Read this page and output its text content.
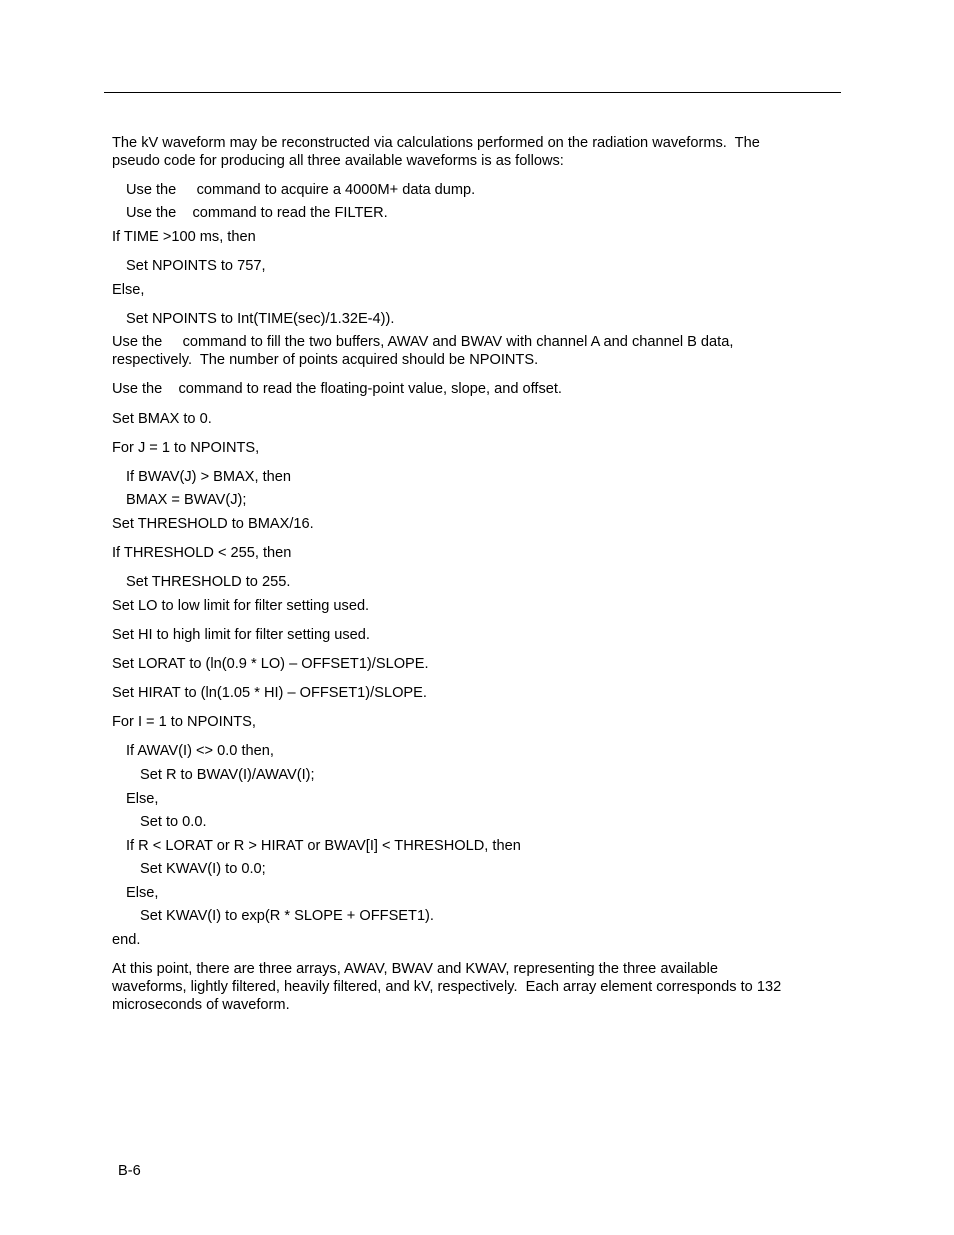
The kV waveform may be reconstructed via calculations performed on the radiation waveforms.  The
pseudo code for producing all three available waveforms is as follows:
Use the     command to acquire a 4000M+ data dump.
Use the    command to read the FILTER.
If TIME >100 ms, then
Set NPOINTS to 757,
Else,
Set NPOINTS to Int(TIME(sec)/1.32E-4)).
Use the     command to fill the two buffers, AWAV and BWAV with channel A and channel B data,
respectively.  The number of points acquired should be NPOINTS.
Use the    command to read the floating-point value, slope, and offset.
Set BMAX to 0.
For J = 1 to NPOINTS,
If BWAV(J) > BMAX, then
BMAX = BWAV(J);
Set THRESHOLD to BMAX/16.
If THRESHOLD < 255, then
Set THRESHOLD to 255.
Set LO to low limit for filter setting used.
Set HI to high limit for filter setting used.
Set LORAT to (ln(0.9 * LO) – OFFSET1)/SLOPE.
Set HIRAT to (ln(1.05 * HI) – OFFSET1)/SLOPE.
For I = 1 to NPOINTS,
If AWAV(I) <> 0.0 then,
Set R to BWAV(I)/AWAV(I);
Else,
Set to 0.0.
If R < LORAT or R > HIRAT or BWAV[I] < THRESHOLD, then
Set KWAV(I) to 0.0;
Else,
Set KWAV(I) to exp(R * SLOPE + OFFSET1).
end.
At this point, there are three arrays, AWAV, BWAV and KWAV, representing the three available
waveforms, lightly filtered, heavily filtered, and kV, respectively.  Each array element corresponds to 132
microseconds of waveform.
B-6
